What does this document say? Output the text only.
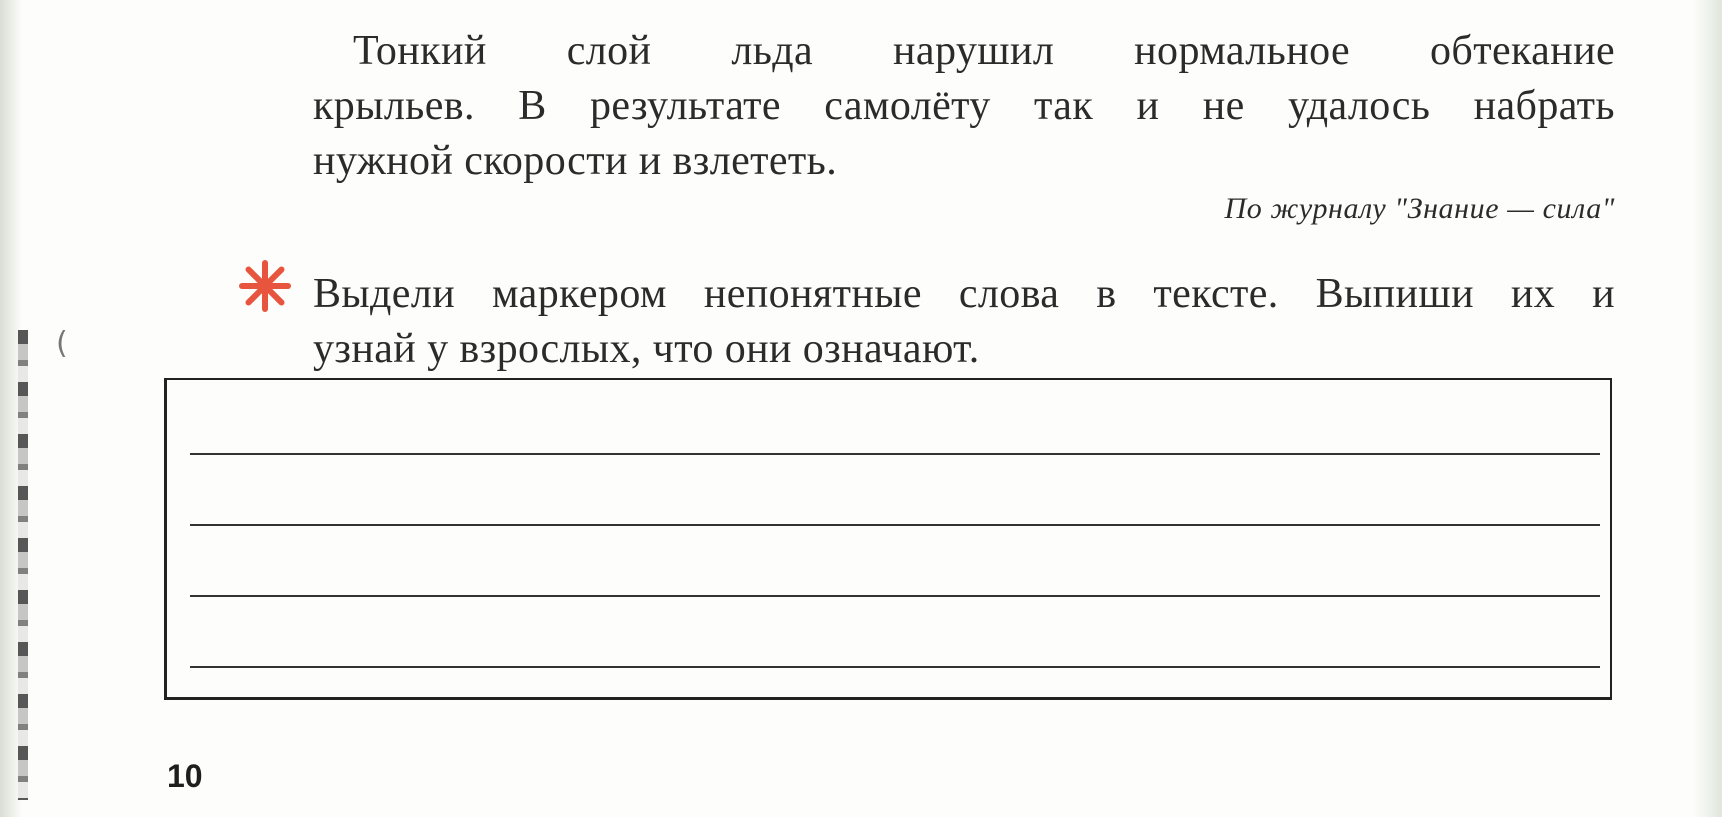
(
Тонкий слой льда нарушил нормальное обтекание
крыльев. В результате самолёту так и не удалось набрать
нужной скорости и взлететь.
По журналу "Знание — сила"
Выдели маркером непонятные слова в тексте. Выпиши их и
узнай у взрослых, что они означают.
10
